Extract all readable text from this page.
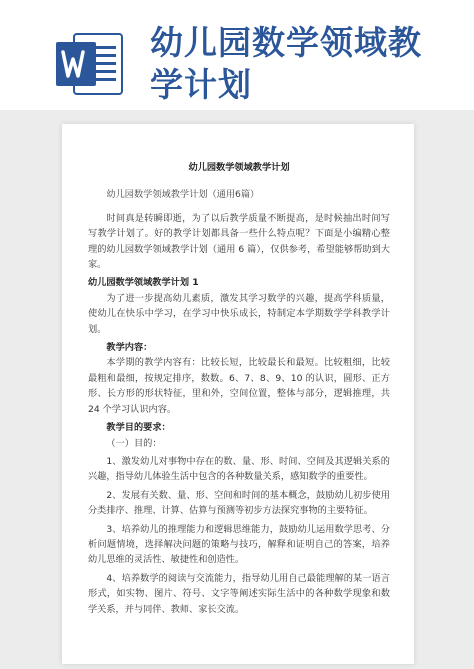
幼儿园数学领域教学计划

幼儿园数学领域教学计划

幼儿园数学领域教学计划（通用6篇）

时间真是转瞬即逝，为了以后教学质量不断提高，是时候抽出时间写写教学计划了。好的教学计划都具备一些什么特点呢？下面是小编精心整理的幼儿园数学领域教学计划（通用 6 篇），仅供参考，希望能够帮助到大家。

幼儿园数学领域教学计划 1

为了进一步提高幼儿素质，激发其学习数学的兴趣，提高学科质量，使幼儿在快乐中学习，在学习中快乐成长，特制定本学期数学学科教学计划。

教学内容：

本学期的教学内容有：比较长短，比较最长和最短。比较粗细，比较最粗和最细，按规定排序，数数。6、7、8、9、10 的认识，圆形、正方形、长方形的形状特征，里和外，空间位置，整体与部分，逻辑推理，共 24 个学习认识内容。

教学目的要求：

（一）目的：

1、激发幼儿对事物中存在的数、量、形、时间、空间及其逻辑关系的兴趣，指导幼儿体验生活中包含的各种数量关系，感知数学的重要性。

2、发展有关数、量、形、空间和时间的基本概念，鼓励幼儿初步使用分类排序、推理、计算、估算与预测等初步方法探究事物的主要特征。

3、培养幼儿的推理能力和逻辑思维能力，鼓励幼儿运用数学思考、分析问题情境，选择解决问题的策略与技巧，解释和证明自己的答案，培养幼儿思维的灵活性、敏捷性和创造性。

4、培养数学的阅读与交流能力，指导幼儿用自己最能理解的某一语言形式，如实物、图片、符号、文字等阐述实际生活中的各种数学现象和数学关系，并与同伴、教师、家长交流。
